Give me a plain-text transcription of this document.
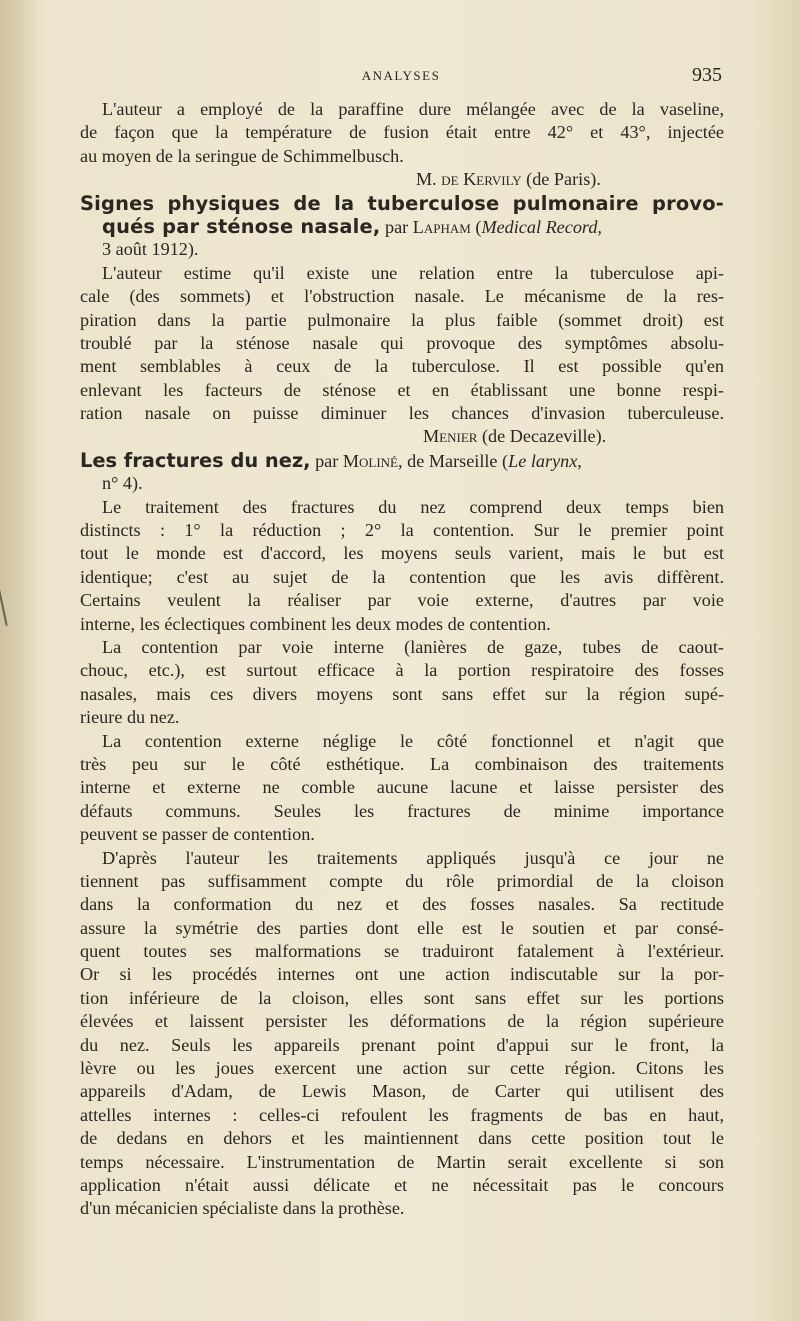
ANALYSES	935
L'auteur a employé de la paraffine dure mélangée avec de la vaseline,
de façon que la température de fusion était entre 42° et 43°, injectée
au moyen de la seringue de Schimmelbusch.
M. de Kervily (de Paris).
Signes physiques de la tuberculose pulmonaire provo-
qués par sténose nasale, par Lapham (Medical Record,
3 août 1912).
L'auteur estime qu'il existe une relation entre la tuberculose api-
cale (des sommets) et l'obstruction nasale. Le mécanisme de la res-
piration dans la partie pulmonaire la plus faible (sommet droit) est
troublé par la sténose nasale qui provoque des symptômes absolu-
ment semblables à ceux de la tuberculose. Il est possible qu'en
enlevant les facteurs de sténose et en établissant une bonne respi-
ration nasale on puisse diminuer les chances d'invasion tuberculeuse.
Menier (de Decazeville).
Les fractures du nez, par Moliné, de Marseille (Le larynx,
n° 4).
Le traitement des fractures du nez comprend deux temps bien
distincts : 1° la réduction ; 2° la contention. Sur le premier point
tout le monde est d'accord, les moyens seuls varient, mais le but est
identique; c'est au sujet de la contention que les avis diffèrent.
Certains veulent la réaliser par voie externe, d'autres par voie
interne, les éclectiques combinent les deux modes de contention.
La contention par voie interne (lanières de gaze, tubes de caout-
chouc, etc.), est surtout efficace à la portion respiratoire des fosses
nasales, mais ces divers moyens sont sans effet sur la région supé-
rieure du nez.
La contention externe néglige le côté fonctionnel et n'agit que
très peu sur le côté esthétique. La combinaison des traitements
interne et externe ne comble aucune lacune et laisse persister des
défauts communs. Seules les fractures de minime importance
peuvent se passer de contention.
D'après l'auteur les traitements appliqués jusqu'à ce jour ne
tiennent pas suffisamment compte du rôle primordial de la cloison
dans la conformation du nez et des fosses nasales. Sa rectitude
assure la symétrie des parties dont elle est le soutien et par consé-
quent toutes ses malformations se traduiront fatalement à l'extérieur.
Or si les procédés internes ont une action indiscutable sur la por-
tion inférieure de la cloison, elles sont sans effet sur les portions
élevées et laissent persister les déformations de la région supérieure
du nez. Seuls les appareils prenant point d'appui sur le front, la
lèvre ou les joues exercent une action sur cette région. Citons les
appareils d'Adam, de Lewis Mason, de Carter qui utilisent des
attelles internes : celles-ci refoulent les fragments de bas en haut,
de dedans en dehors et les maintiennent dans cette position tout le
temps nécessaire. L'instrumentation de Martin serait excellente si son
application n'était aussi délicate et ne nécessitait pas le concours
d'un mécanicien spécialiste dans la prothèse.
